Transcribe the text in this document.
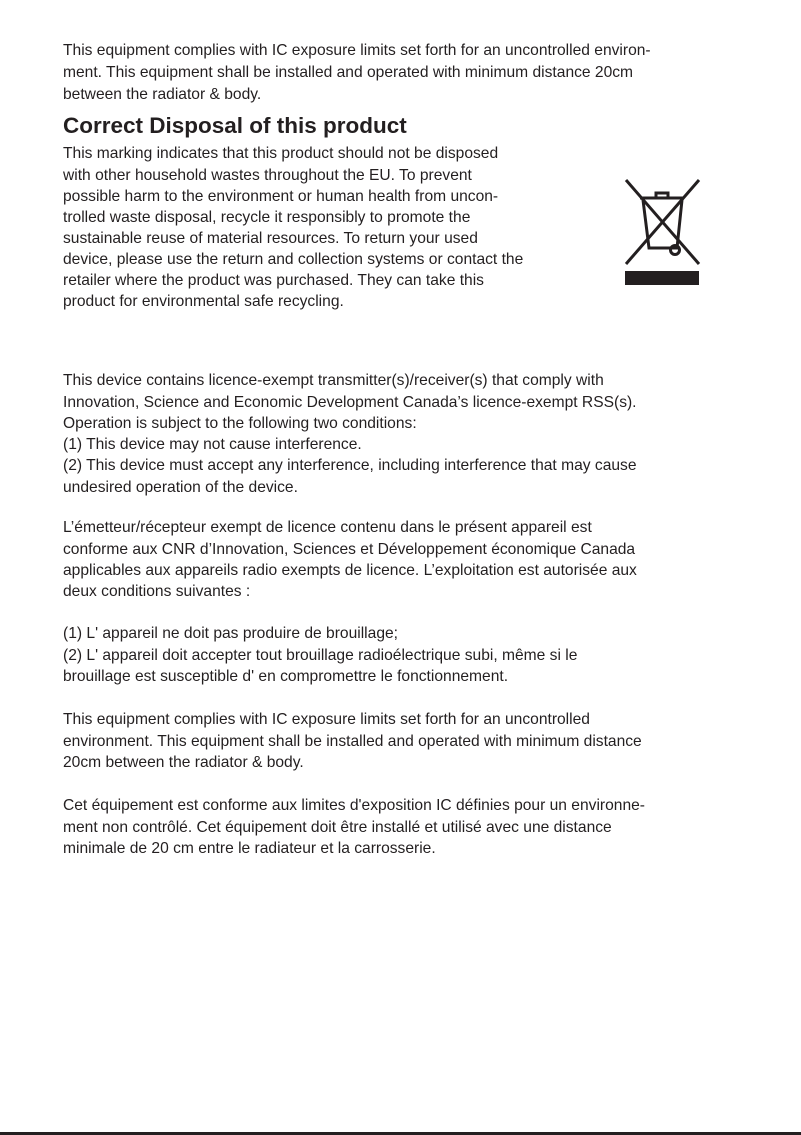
This equipment complies with IC exposure limits set forth for an uncontrolled environ-

ment. This equipment shall be installed and operated with minimum distance 20cm

between the radiator & body.

Correct Disposal of this product

This marking indicates that this product should not be disposed

with other household wastes throughout the EU. To prevent

possible harm to the environment or human health from uncon-

trolled waste disposal, recycle it responsibly to promote the

sustainable reuse of material resources. To return your used

device, please use the return and collection systems or contact the

retailer where the product was purchased. They can take this

product for environmental safe recycling.

This device contains licence-exempt transmitter(s)/receiver(s) that comply with

Innovation, Science and Economic Development Canada’s licence-exempt RSS(s).

Operation is subject to the following two conditions:

(1) This device may not cause interference.

(2) This device must accept any interference, including interference that may cause

undesired operation of the device.

L’émetteur/récepteur exempt de licence contenu dans le présent appareil est

conforme aux CNR d’Innovation, Sciences et Développement économique Canada

applicables aux appareils radio exempts de licence. L’exploitation est autorisée aux

deux conditions suivantes :

(1) L' appareil ne doit pas produire de brouillage;

(2) L' appareil doit accepter tout brouillage radioélectrique subi, même si le

brouillage est susceptible d' en compromettre le fonctionnement.

This equipment complies with IC exposure limits set forth for an uncontrolled

environment. This equipment shall be installed and operated with minimum distance

20cm between the radiator & body.

Cet équipement est conforme aux limites d'exposition IC définies pour un environne-

ment non contrôlé. Cet équipement doit être installé et utilisé avec une distance

minimale de 20 cm entre le radiateur et la carrosserie.
